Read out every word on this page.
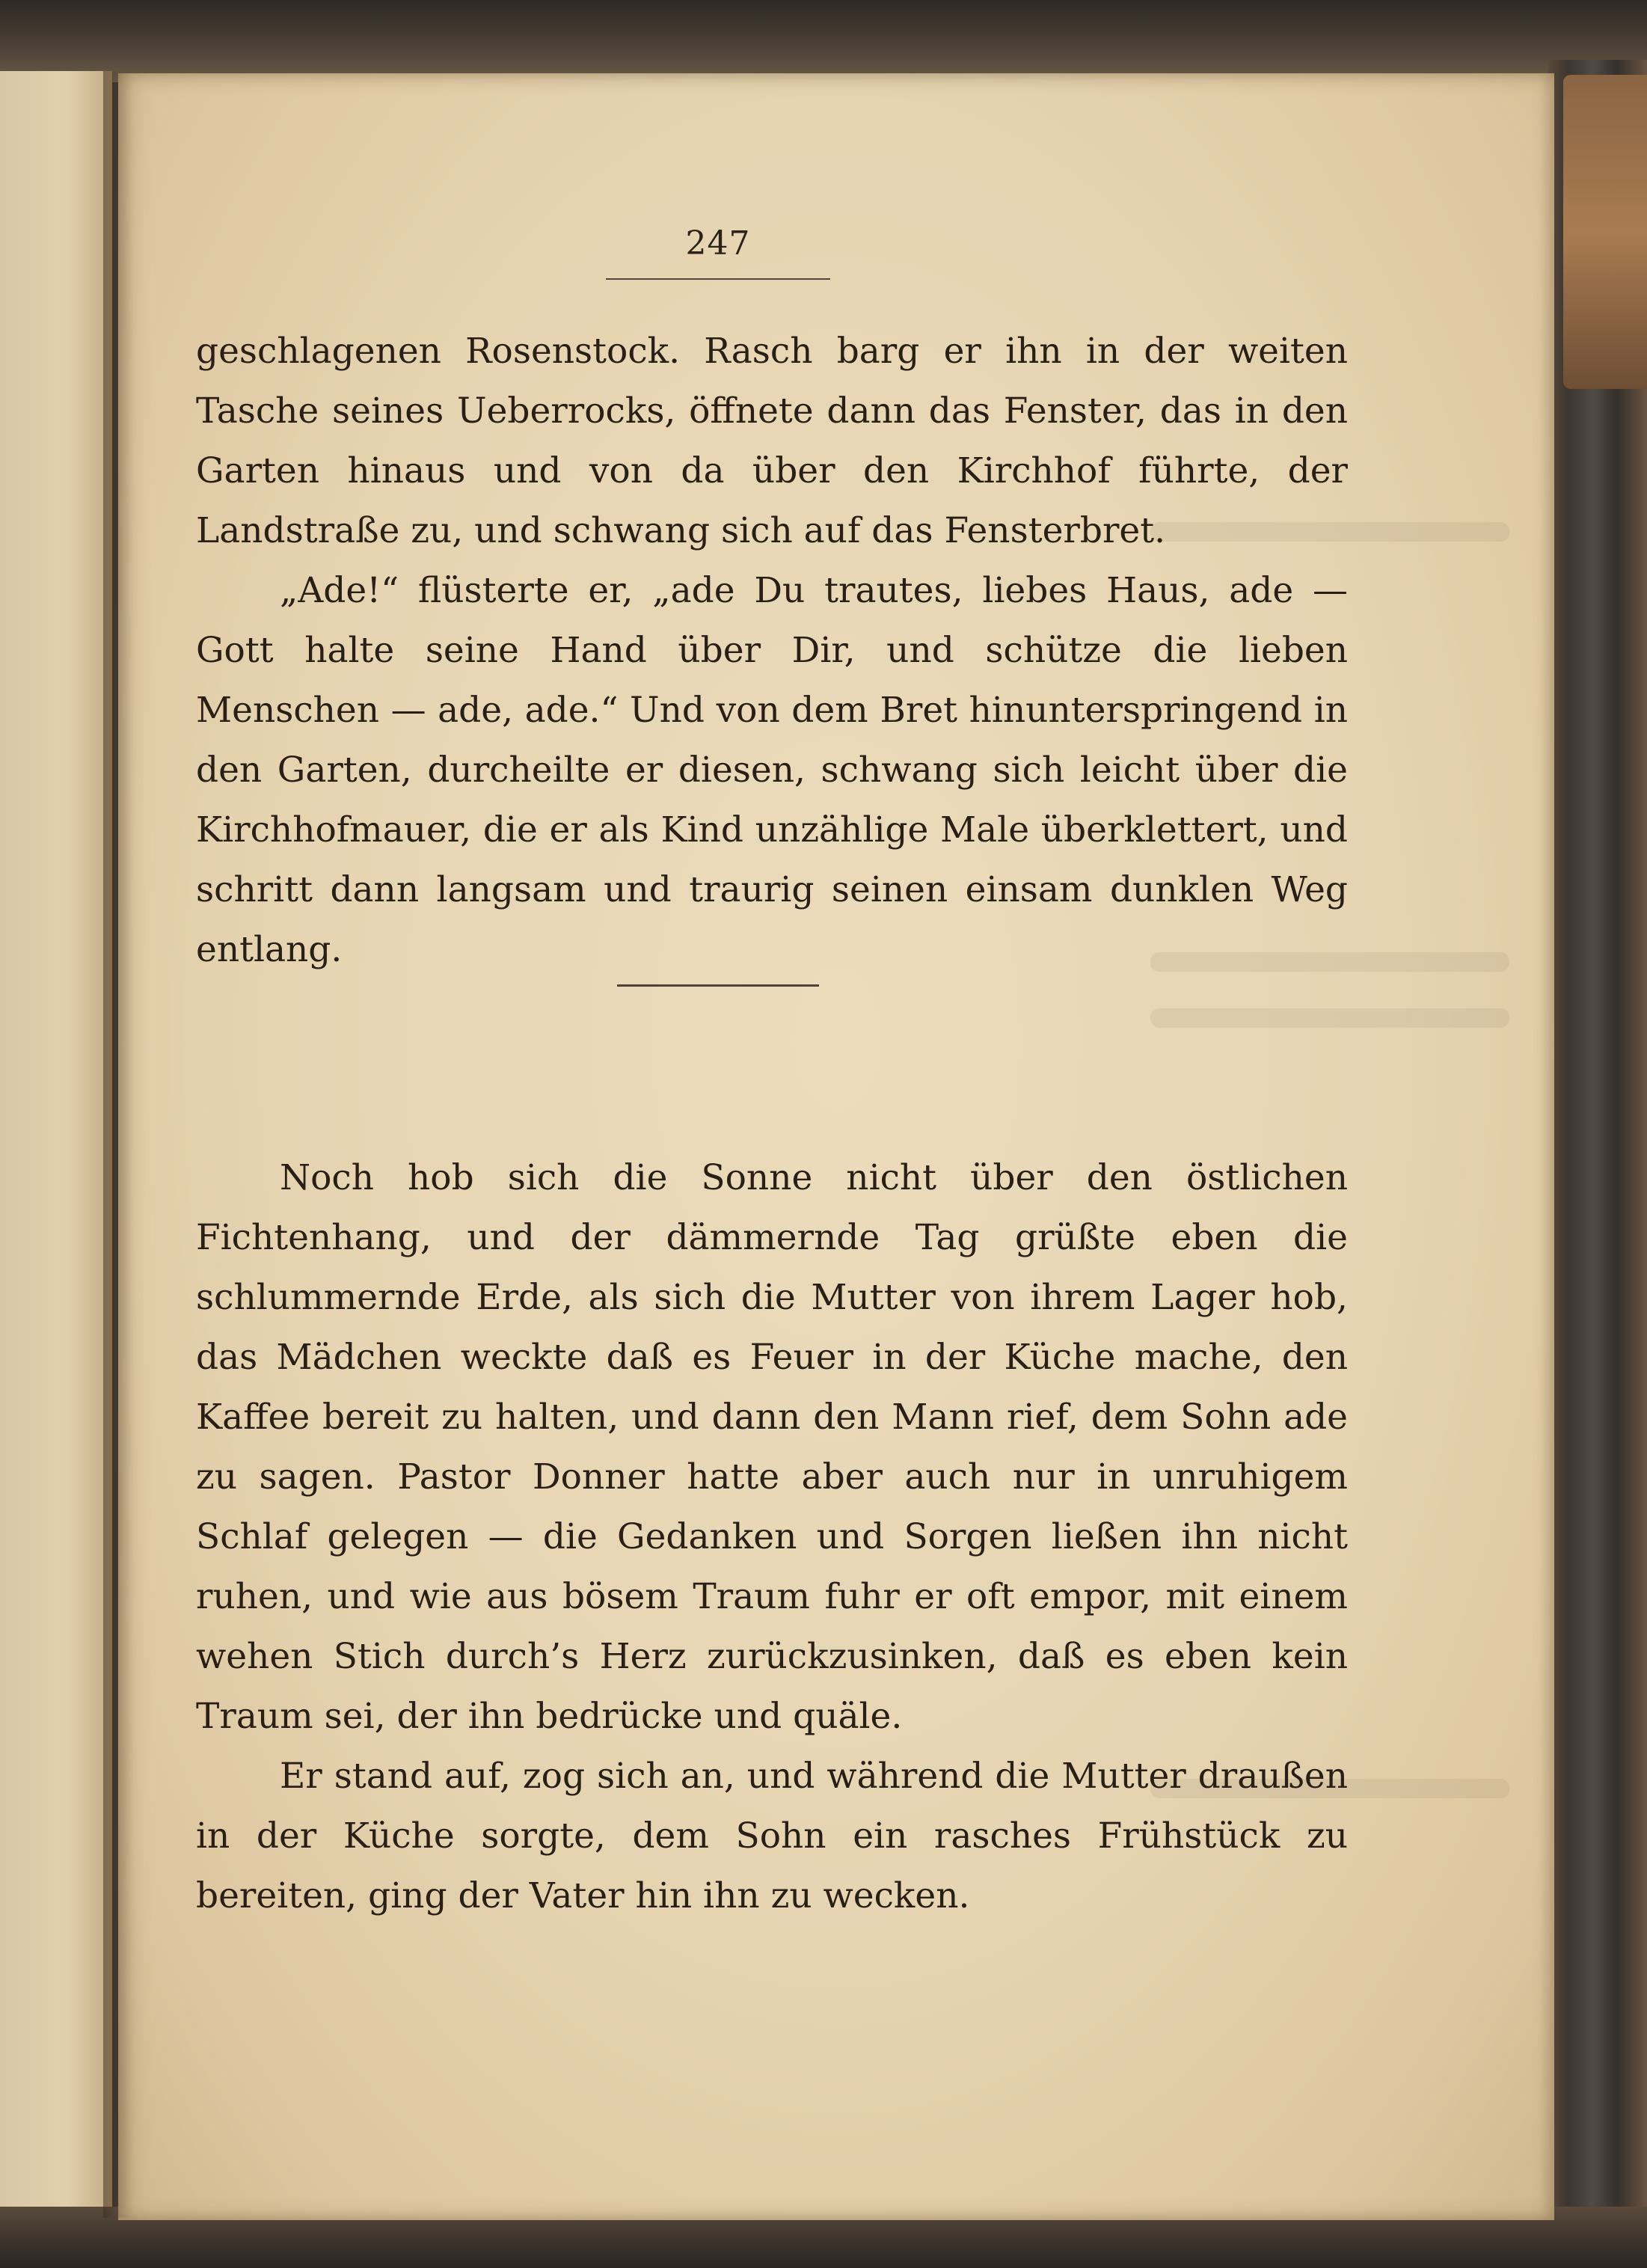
247

geschlagenen Rosenstock. Rasch barg er ihn in der weiten Tasche seines Ueberrocks, öffnete dann das Fenster, das in den Garten hinaus und von da über den Kirchhof führte, der Landstraße zu, und schwang sich auf das Fensterbret.

„Ade!“ flüsterte er, „ade Du trautes, liebes Haus, ade — Gott halte seine Hand über Dir, und schütze die lieben Menschen — ade, ade.“ Und von dem Bret hinunterspringend in den Garten, durcheilte er diesen, schwang sich leicht über die Kirchhofmauer, die er als Kind unzählige Male überklettert, und schritt dann langsam und traurig seinen einsam dunklen Weg entlang.

Noch hob sich die Sonne nicht über den östlichen Fichtenhang, und der dämmernde Tag grüßte eben die schlummernde Erde, als sich die Mutter von ihrem Lager hob, das Mädchen weckte daß es Feuer in der Küche mache, den Kaffee bereit zu halten, und dann den Mann rief, dem Sohn ade zu sagen. Pastor Donner hatte aber auch nur in unruhigem Schlaf gelegen — die Gedanken und Sorgen ließen ihn nicht ruhen, und wie aus bösem Traum fuhr er oft empor, mit einem wehen Stich durch’s Herz zurückzusinken, daß es eben kein Traum sei, der ihn bedrücke und quäle.

Er stand auf, zog sich an, und während die Mutter draußen in der Küche sorgte, dem Sohn ein rasches Frühstück zu bereiten, ging der Vater hin ihn zu wecken.
